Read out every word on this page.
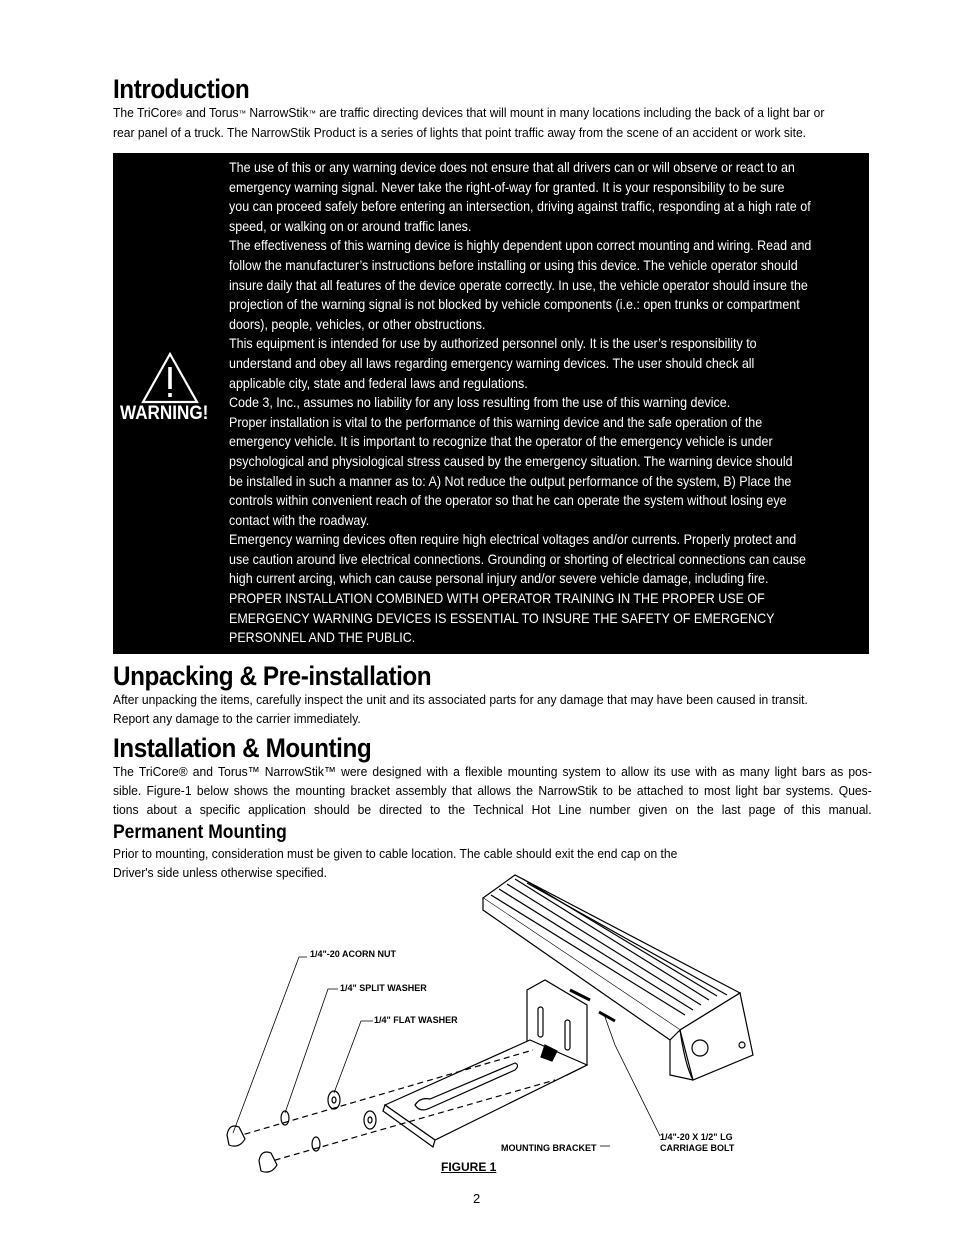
Introduction
The TriCore® and Torus™ NarrowStik™ are traffic directing devices that will mount in many locations including the back of a light bar or
rear panel of a truck. The NarrowStik Product is a series of lights that point traffic away from the scene of an accident or work site.
WARNING!
The use of this or any warning device does not ensure that all drivers can or will observe or react to an
emergency warning signal. Never take the right-of-way for granted. It is your responsibility to be sure
you can proceed safely before entering an intersection, driving against traffic, responding at a high rate of
speed, or walking on or around traffic lanes.
The effectiveness of this warning device is highly dependent upon correct mounting and wiring. Read and
follow the manufacturer’s instructions before installing or using this device. The vehicle operator should
insure daily that all features of the device operate correctly. In use, the vehicle operator should insure the
projection of the warning signal is not blocked by vehicle components (i.e.: open trunks or compartment
doors), people, vehicles, or other obstructions.
This equipment is intended for use by authorized personnel only. It is the user’s responsibility to
understand and obey all laws regarding emergency warning devices. The user should check all
applicable city, state and federal laws and regulations.
Code 3, Inc., assumes no liability for any loss resulting from the use of this warning device.
Proper installation is vital to the performance of this warning device and the safe operation of the
emergency vehicle. It is important to recognize that the operator of the emergency vehicle is under
psychological and physiological stress caused by the emergency situation. The warning device should
be installed in such a manner as to: A) Not reduce the output performance of the system, B) Place the
controls within convenient reach of the operator so that he can operate the system without losing eye
contact with the roadway.
Emergency warning devices often require high electrical voltages and/or currents. Properly protect and
use caution around live electrical connections. Grounding or shorting of electrical connections can cause
high current arcing, which can cause personal injury and/or severe vehicle damage, including fire.
PROPER INSTALLATION COMBINED WITH OPERATOR TRAINING IN THE PROPER USE OF
EMERGENCY WARNING DEVICES IS ESSENTIAL TO INSURE THE SAFETY OF EMERGENCY
PERSONNEL AND THE PUBLIC.
Unpacking & Pre-installation
After unpacking the items, carefully inspect the unit and its associated parts for any damage that may have been caused in transit.
Report any damage to the carrier immediately.
Installation & Mounting
The TriCore® and Torus™ NarrowStik™ were designed with a flexible mounting system to allow its use with as many light bars as pos-
sible. Figure-1 below shows the mounting bracket assembly that allows the NarrowStik to be attached to most light bar systems. Ques-
tions about a specific application should be directed to the Technical Hot Line number given on the last page of this manual.
Permanent Mounting
Prior to mounting, consideration must be given to cable location. The cable should exit the end cap on the
Driver's side unless otherwise specified.
1/4"-20 ACORN NUT
1/4" SPLIT WASHER
1/4" FLAT WASHER
MOUNTING BRACKET
1/4"-20 X 1/2" LG
CARRIAGE BOLT
FIGURE 1
2
